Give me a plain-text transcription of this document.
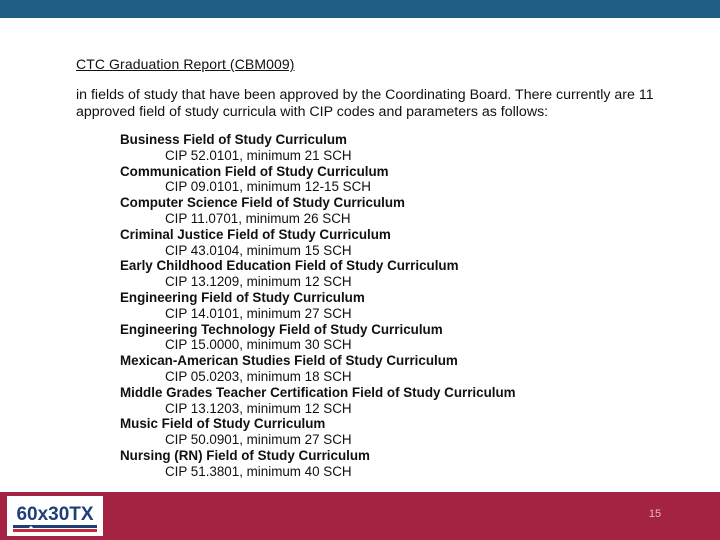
CTC Graduation Report (CBM009)

in fields of study that have been approved by the Coordinating Board. There currently are 11 approved field of study curricula with CIP codes and parameters as follows:

Business Field of Study Curriculum
CIP 52.0101, minimum 21 SCH
Communication Field of Study Curriculum
CIP 09.0101, minimum 12-15 SCH
Computer Science Field of Study Curriculum
CIP 11.0701, minimum 26 SCH
Criminal Justice Field of Study Curriculum
CIP 43.0104, minimum 15 SCH
Early Childhood Education Field of Study Curriculum
CIP 13.1209, minimum 12 SCH
Engineering Field of Study Curriculum
CIP 14.0101, minimum 27 SCH
Engineering Technology Field of Study Curriculum
CIP 15.0000, minimum 30 SCH
Mexican-American Studies Field of Study Curriculum
CIP 05.0203, minimum 18 SCH
Middle Grades Teacher Certification Field of Study Curriculum
CIP 13.1203, minimum 12 SCH
Music Field of Study Curriculum
CIP 50.0901, minimum 27 SCH
Nursing (RN) Field of Study Curriculum
CIP 51.3801, minimum 40 SCH
60x30TX	15
